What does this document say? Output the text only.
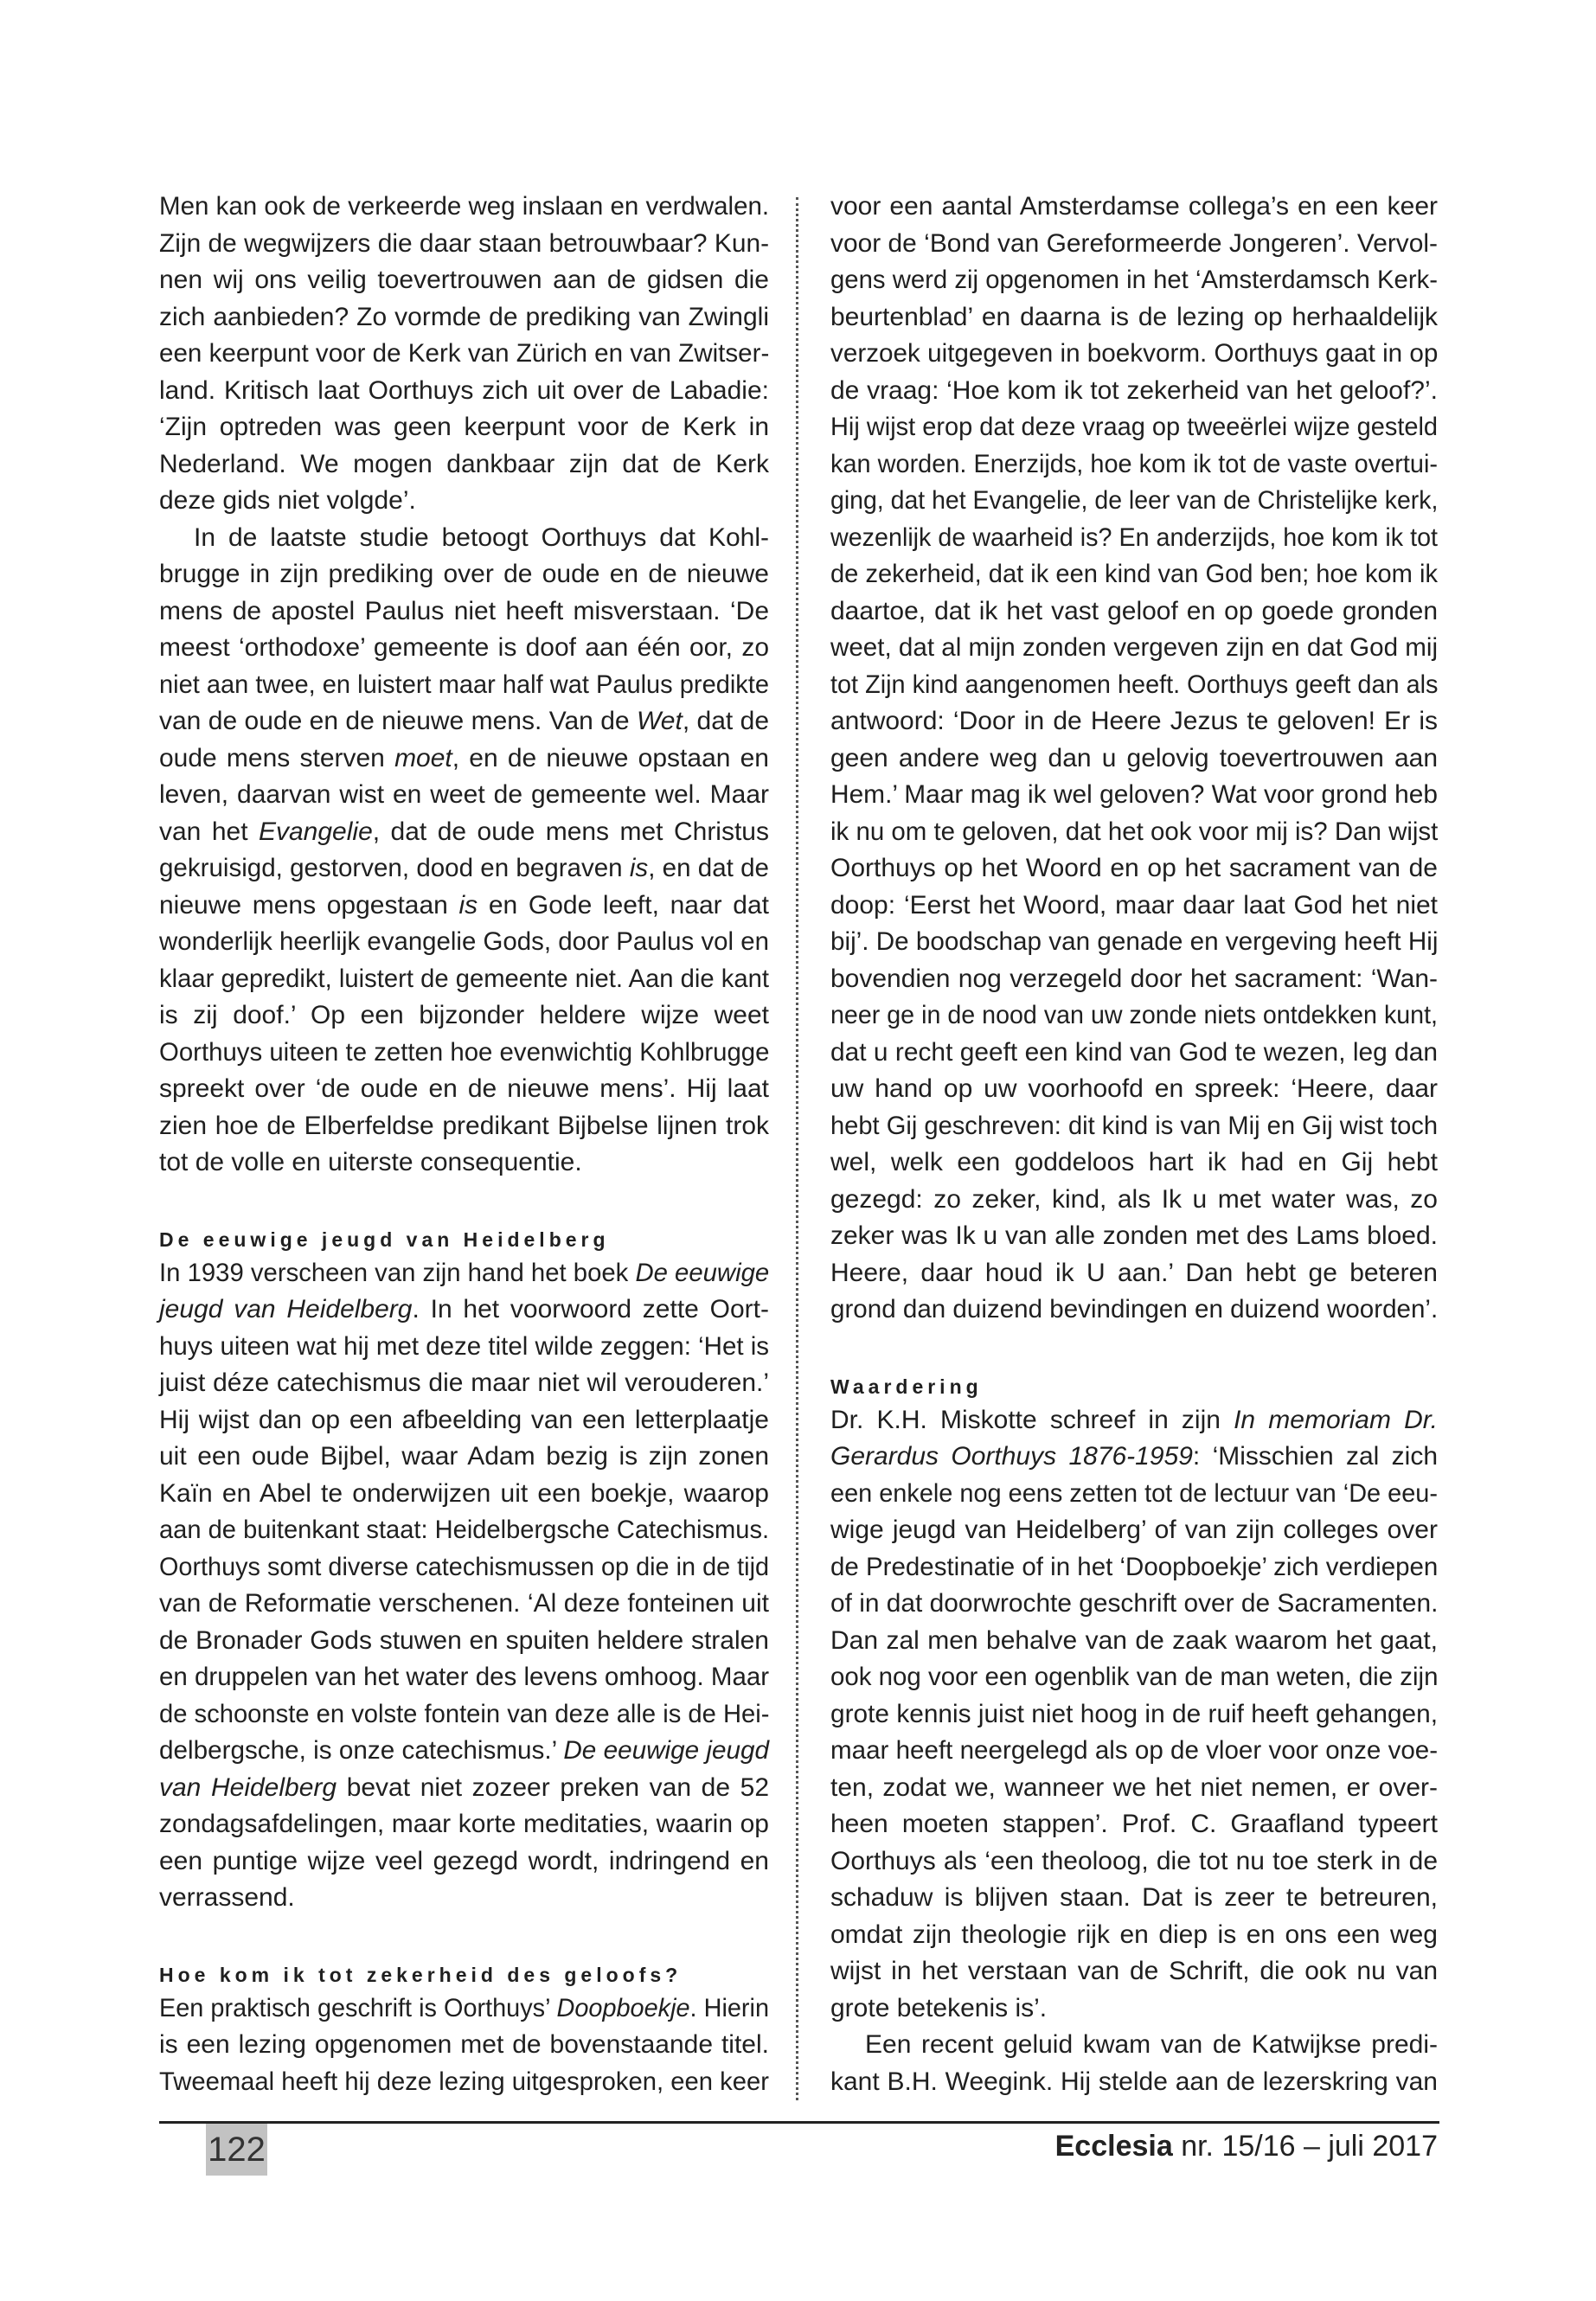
Men kan ook de verkeerde weg inslaan en verdwalen.
Zijn de wegwijzers die daar staan betrouwbaar? Kun-
nen wij ons veilig toevertrouwen aan de gidsen die
zich aanbieden? Zo vormde de prediking van Zwingli
een keerpunt voor de Kerk van Zürich en van Zwitser-
land. Kritisch laat Oorthuys zich uit over de Labadie:
‘Zijn optreden was geen keerpunt voor de Kerk in
Nederland. We mogen dankbaar zijn dat de Kerk
deze gids niet volgde’.
In de laatste studie betoogt Oorthuys dat Kohl-
brugge in zijn prediking over de oude en de nieuwe
mens de apostel Paulus niet heeft misverstaan. ‘De
meest ‘orthodoxe’ gemeente is doof aan één oor, zo
niet aan twee, en luistert maar half wat Paulus predikte
van de oude en de nieuwe mens. Van de Wet, dat de
oude mens sterven moet, en de nieuwe opstaan en
leven, daarvan wist en weet de gemeente wel. Maar
van het Evangelie, dat de oude mens met Christus
gekruisigd, gestorven, dood en begraven is, en dat de
nieuwe mens opgestaan is en Gode leeft, naar dat
wonderlijk heerlijk evangelie Gods, door Paulus vol en
klaar gepredikt, luistert de gemeente niet. Aan die kant
is zij doof.’ Op een bijzonder heldere wijze weet
Oorthuys uiteen te zetten hoe evenwichtig Kohlbrugge
spreekt over ‘de oude en de nieuwe mens’. Hij laat
zien hoe de Elberfeldse predikant Bijbelse lijnen trok
tot de volle en uiterste consequentie.
De eeuwige jeugd van Heidelberg
In 1939 verscheen van zijn hand het boek De eeuwige
jeugd van Heidelberg. In het voorwoord zette Oort-
huys uiteen wat hij met deze titel wilde zeggen: ‘Het is
juist déze catechismus die maar niet wil verouderen.’
Hij wijst dan op een afbeelding van een letterplaatje
uit een oude Bijbel, waar Adam bezig is zijn zonen
Kaïn en Abel te onderwijzen uit een boekje, waarop
aan de buitenkant staat: Heidelbergsche Catechismus.
Oorthuys somt diverse catechismussen op die in de tijd
van de Reformatie verschenen. ‘Al deze fonteinen uit
de Bronader Gods stuwen en spuiten heldere stralen
en druppelen van het water des levens omhoog. Maar
de schoonste en volste fontein van deze alle is de Hei-
delbergsche, is onze catechismus.’ De eeuwige jeugd
van Heidelberg bevat niet zozeer preken van de 52
zondagsafdelingen, maar korte meditaties, waarin op
een puntige wijze veel gezegd wordt, indringend en
verrassend.
Hoe kom ik tot zekerheid des geloofs?
Een praktisch geschrift is Oorthuys’ Doopboekje. Hierin
is een lezing opgenomen met de bovenstaande titel.
Tweemaal heeft hij deze lezing uitgesproken, een keer
voor een aantal Amsterdamse collega’s en een keer
voor de ‘Bond van Gereformeerde Jongeren’. Vervol-
gens werd zij opgenomen in het ‘Amsterdamsch Kerk-
beurtenblad’ en daarna is de lezing op herhaaldelijk
verzoek uitgegeven in boekvorm. Oorthuys gaat in op
de vraag: ‘Hoe kom ik tot zekerheid van het geloof?’.
Hij wijst erop dat deze vraag op tweeërlei wijze gesteld
kan worden. Enerzijds, hoe kom ik tot de vaste overtui-
ging, dat het Evangelie, de leer van de Christelijke kerk,
wezenlijk de waarheid is? En anderzijds, hoe kom ik tot
de zekerheid, dat ik een kind van God ben; hoe kom ik
daartoe, dat ik het vast geloof en op goede gronden
weet, dat al mijn zonden vergeven zijn en dat God mij
tot Zijn kind aangenomen heeft. Oorthuys geeft dan als
antwoord: ‘Door in de Heere Jezus te geloven! Er is
geen andere weg dan u gelovig toevertrouwen aan
Hem.’ Maar mag ik wel geloven? Wat voor grond heb
ik nu om te geloven, dat het ook voor mij is? Dan wijst
Oorthuys op het Woord en op het sacrament van de
doop: ‘Eerst het Woord, maar daar laat God het niet
bij’. De boodschap van genade en vergeving heeft Hij
bovendien nog verzegeld door het sacrament: ‘Wan-
neer ge in de nood van uw zonde niets ontdekken kunt,
dat u recht geeft een kind van God te wezen, leg dan
uw hand op uw voorhoofd en spreek: ‘Heere, daar
hebt Gij geschreven: dit kind is van Mij en Gij wist toch
wel, welk een goddeloos hart ik had en Gij hebt
gezegd: zo zeker, kind, als Ik u met water was, zo
zeker was Ik u van alle zonden met des Lams bloed.
Heere, daar houd ik U aan.’ Dan hebt ge beteren
grond dan duizend bevindingen en duizend woorden’.
Waardering
Dr. K.H. Miskotte schreef in zijn In memoriam Dr.
Gerardus Oorthuys 1876-1959: ‘Misschien zal zich
een enkele nog eens zetten tot de lectuur van ‘De eeu-
wige jeugd van Heidelberg’ of van zijn colleges over
de Predestinatie of in het ‘Doopboekje’ zich verdiepen
of in dat doorwrochte geschrift over de Sacramenten.
Dan zal men behalve van de zaak waarom het gaat,
ook nog voor een ogenblik van de man weten, die zijn
grote kennis juist niet hoog in de ruif heeft gehangen,
maar heeft neergelegd als op de vloer voor onze voe-
ten, zodat we, wanneer we het niet nemen, er over-
heen moeten stappen’. Prof. C. Graafland typeert
Oorthuys als ‘een theoloog, die tot nu toe sterk in de
schaduw is blijven staan. Dat is zeer te betreuren,
omdat zijn theologie rijk en diep is en ons een weg
wijst in het verstaan van de Schrift, die ook nu van
grote betekenis is’.
Een recent geluid kwam van de Katwijkse predi-
kant B.H. Weegink. Hij stelde aan de lezerskring van
122	Ecclesia nr. 15/16 – juli 2017
